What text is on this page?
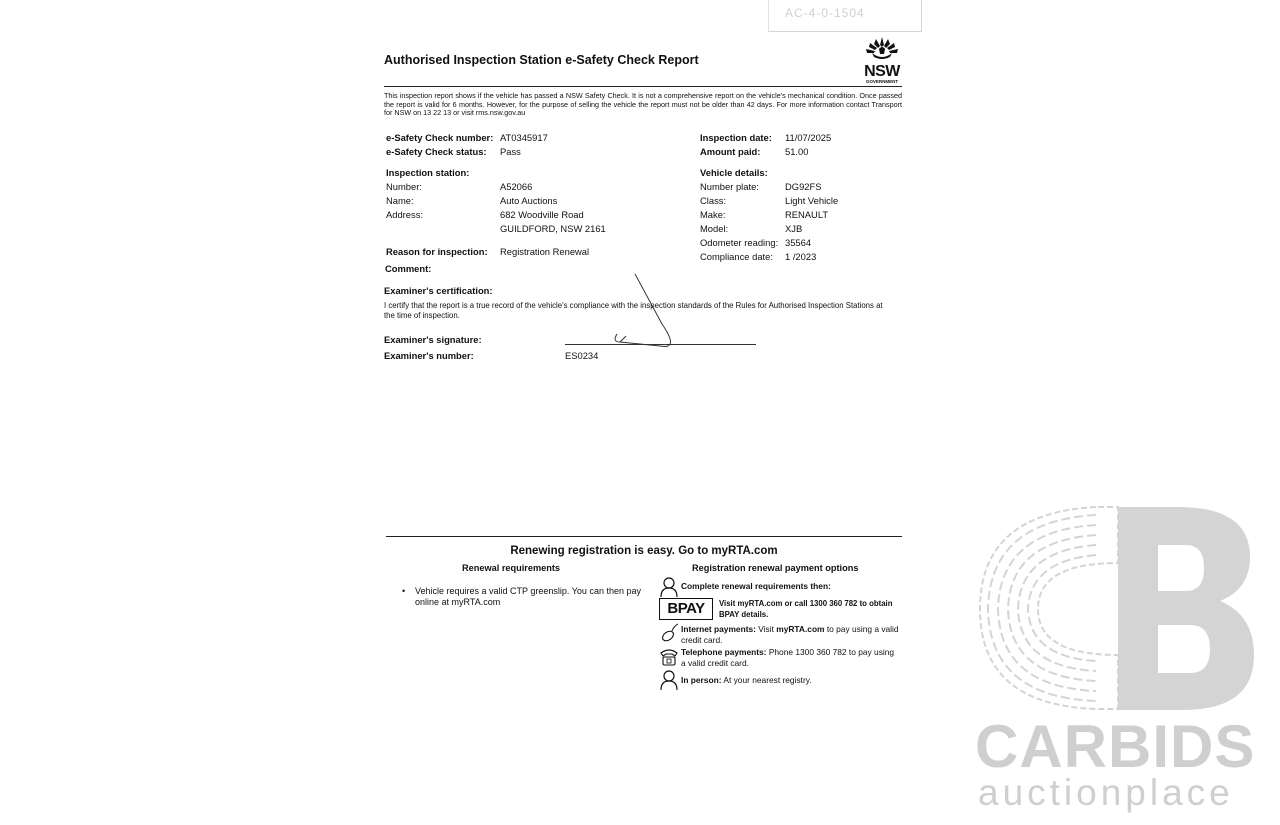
AC-4-0-1504
Authorised Inspection Station e-Safety Check Report
NSW
GOVERNMENT
This inspection report shows if the vehicle has passed a NSW Safety Check. It is not a comprehensive report on the vehicle's mechanical condition. Once passed the report is valid for 6 months. However, for the purpose of selling the vehicle the report must not be older than 42 days. For more information contact Transport for NSW on 13 22 13 or visit rms.nsw.gov.au
e-Safety Check number: AT0345917
e-Safety Check status: Pass
Inspection date: 11/07/2025
Amount paid:	51.00
Inspection station:
Number:	A52066
Name:	Auto Auctions
Address:	682 Woodville Road
GUILDFORD, NSW 2161
Vehicle details:
Number plate:	DG92FS
Class:	Light Vehicle
Make:	RENAULT
Model:	XJB
Odometer reading: 35564
Compliance date: 1 /2023
Reason for inspection: Registration Renewal
Comment:
Examiner's certification:
I certify that the report is a true record of the vehicle's compliance with the inspection standards of the Rules for Authorised Inspection Stations at the time of inspection.
Examiner's signature:
Examiner's number:	ES0234
Renewing registration is easy. Go to myRTA.com
Renewal requirements	Registration renewal payment options
• Vehicle requires a valid CTP greenslip. You can then pay online at myRTA.com
Complete renewal requirements then:
BPAY	Visit myRTA.com or call 1300 360 782 to obtain BPAY details.
Internet payments: Visit myRTA.com to pay using a valid credit card.
Telephone payments: Phone 1300 360 782 to pay using a valid credit card.
In person: At your nearest registry.
CARBIDS
auctionplace
